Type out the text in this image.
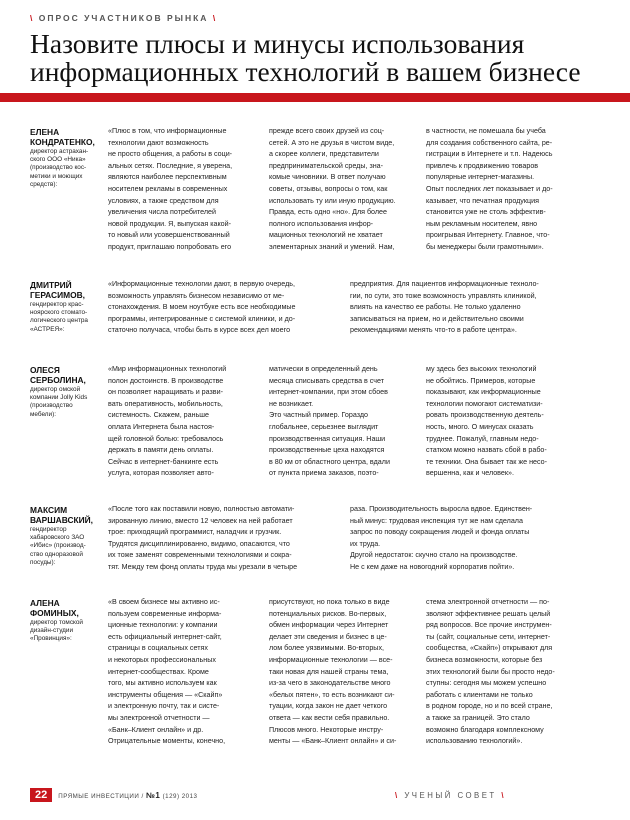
\ ОПРОС УЧАСТНИКОВ РЫНКА \
Назовите плюсы и минусы использования
информационных технологий в вашем бизнесе
ЕЛЕНА
КОНДРАТЕНКО,
директор астрахан-
ского ООО «Ника»
(производство кос-
метики и моющих
средств):
«Плюс в том, что информационные
технологии дают возможность
не просто общения, а работы в соци-
альных сетях. Последние, я уверена,
являются наиболее перспективным
носителем рекламы в современных
условиях, а также средством для
увеличения числа потребителей
новой продукции. Я, выпуская какой-
то новый или усовершенствованный
продукт, приглашаю попробовать его
прежде всего своих друзей из соц-
сетей. А это не друзья в чистом виде,
а скорее коллеги, представители
предпринимательской среды, зна-
комые чиновники. В ответ получаю
советы, отзывы, вопросы о том, как
использовать ту или иную продукцию.
Правда, есть одно «но». Для более
полного использования инфор-
мационных технологий не хватает
элементарных знаний и умений. Нам,
в частности, не помешала бы учеба
для создания собственного сайта, ре-
гистрации в Интернете и т.п. Надеюсь
привлечь к продвижению товаров
популярные интернет-магазины.
Опыт последних лет показывает и до-
казывает, что печатная продукция
становится уже не столь эффектив-
ным рекламным носителем, явно
проигрывая Интернету. Главное, что-
бы менеджеры были грамотными».
ДМИТРИЙ
ГЕРАСИМОВ,
гендиректор крас-
ноярского стомато-
логического центра
«АСТРЕЯ»:
«Информационные технологии дают, в первую очередь,
возможность управлять бизнесом независимо от ме-
стонахождения. В моем ноутбуке есть все необходимые
программы, интегрированные с системой клиники, и до-
статочно получаса, чтобы быть в курсе всех дел моего
предприятия. Для пациентов информационные техноло-
гии, по сути, это тоже возможность управлять клиникой,
влиять на качество ее работы. Не только удаленно
записываться на прием, но и действительно своими
рекомендациями менять что-то в работе центра».
ОЛЕСЯ
СЕРБОЛИНА,
директор омской
компании Jolly Kids
(производство
мебели):
«Мир информационных технологий
полон достоинств. В производстве
он позволяет наращивать и разви-
вать оперативность, мобильность,
системность. Скажем, раньше
оплата Интернета была настоя-
щей головной болью: требовалось
держать в памяти день оплаты.
Сейчас в интернет-банкинге есть
услуга, которая позволяет авто-
матически в определенный день
месяца списывать средства в счет
интернет-компании, при этом сбоев
не возникает.
Это частный пример. Гораздо
глобальнее, серьезнее выглядит
производственная ситуация. Наши
производственные цеха находятся
в 80 км от областного центра, вдали
от пункта приема заказов, поэто-
му здесь без высоких технологий
не обойтись. Примеров, которые
показывают, как информационные
технологии помогают систематизи-
ровать производственную деятель-
ность, много. О минусах сказать
труднее. Пожалуй, главным недо-
статком можно назвать сбой в рабо-
те техники. Она бывает так же несо-
вершенна, как и человек».
МАКСИМ
ВАРШАВСКИЙ,
гендиректор
хабаровского ЗАО
«Ибис» (производ-
ство одноразовой
посуды):
«После того как поставили новую, полностью автомати-
зированную линию, вместо 12 человек на ней работает
трое: приходящий программист, наладчик и грузчик.
Трудятся дисциплинированно, видимо, опасаются, что
их тоже заменят современными технологиями и сокра-
тят. Между тем фонд оплаты труда мы урезали в четыре
раза. Производительность выросла вдвое. Единствен-
ный минус: трудовая инспекция тут же нам сделала
запрос по поводу сокращения людей и фонда оплаты
их труда.
Другой недостаток: скучно стало на производстве.
Не с кем даже на новогодний корпоратив пойти».
АЛЕНА
ФОМИНЫХ,
директор томской
дизайн-студии
«Провинция»:
«В своем бизнесе мы активно ис-
пользуем современные информа-
ционные технологии: у компании
есть официальный интернет-сайт,
страницы в социальных сетях
и некоторых профессиональных
интернет-сообществах. Кроме
того, мы активно используем как
инструменты общения — «Скайп»
и электронную почту, так и систе-
мы электронной отчетности —
«Банк–Клиент онлайн» и др.
Отрицательные моменты, конечно,
присутствуют, но пока только в виде
потенциальных рисков. Во-первых,
обмен информации через Интернет
делает эти сведения и бизнес в це-
лом более уязвимыми. Во-вторых,
информационные технологии — все-
таки новая для нашей страны тема,
из-за чего в законодательстве много
«белых пятен», то есть возникают си-
туации, когда закон не дает четкого
ответа — как вести себя правильно.
Плюсов много. Некоторые инстру-
менты — «Банк–Клиент онлайн» и си-
стема электронной отчетности — по-
зволяют эффективнее решать целый
ряд вопросов. Все прочие инструмен-
ты (сайт, социальные сети, интернет-
сообщества, «Скайп») открывают для
бизнеса возможности, которые без
этих технологий были бы просто недо-
ступны: сегодня мы можем успешно
работать с клиентами не только
в родном городе, но и по всей стране,
а также за границей. Это стало
возможно благодаря комплексному
использованию технологий».
22	ПРЯМЫЕ ИНВЕСТИЦИИ / №1 (129) 2013	\ УЧЕНЫЙ СОВЕТ \
